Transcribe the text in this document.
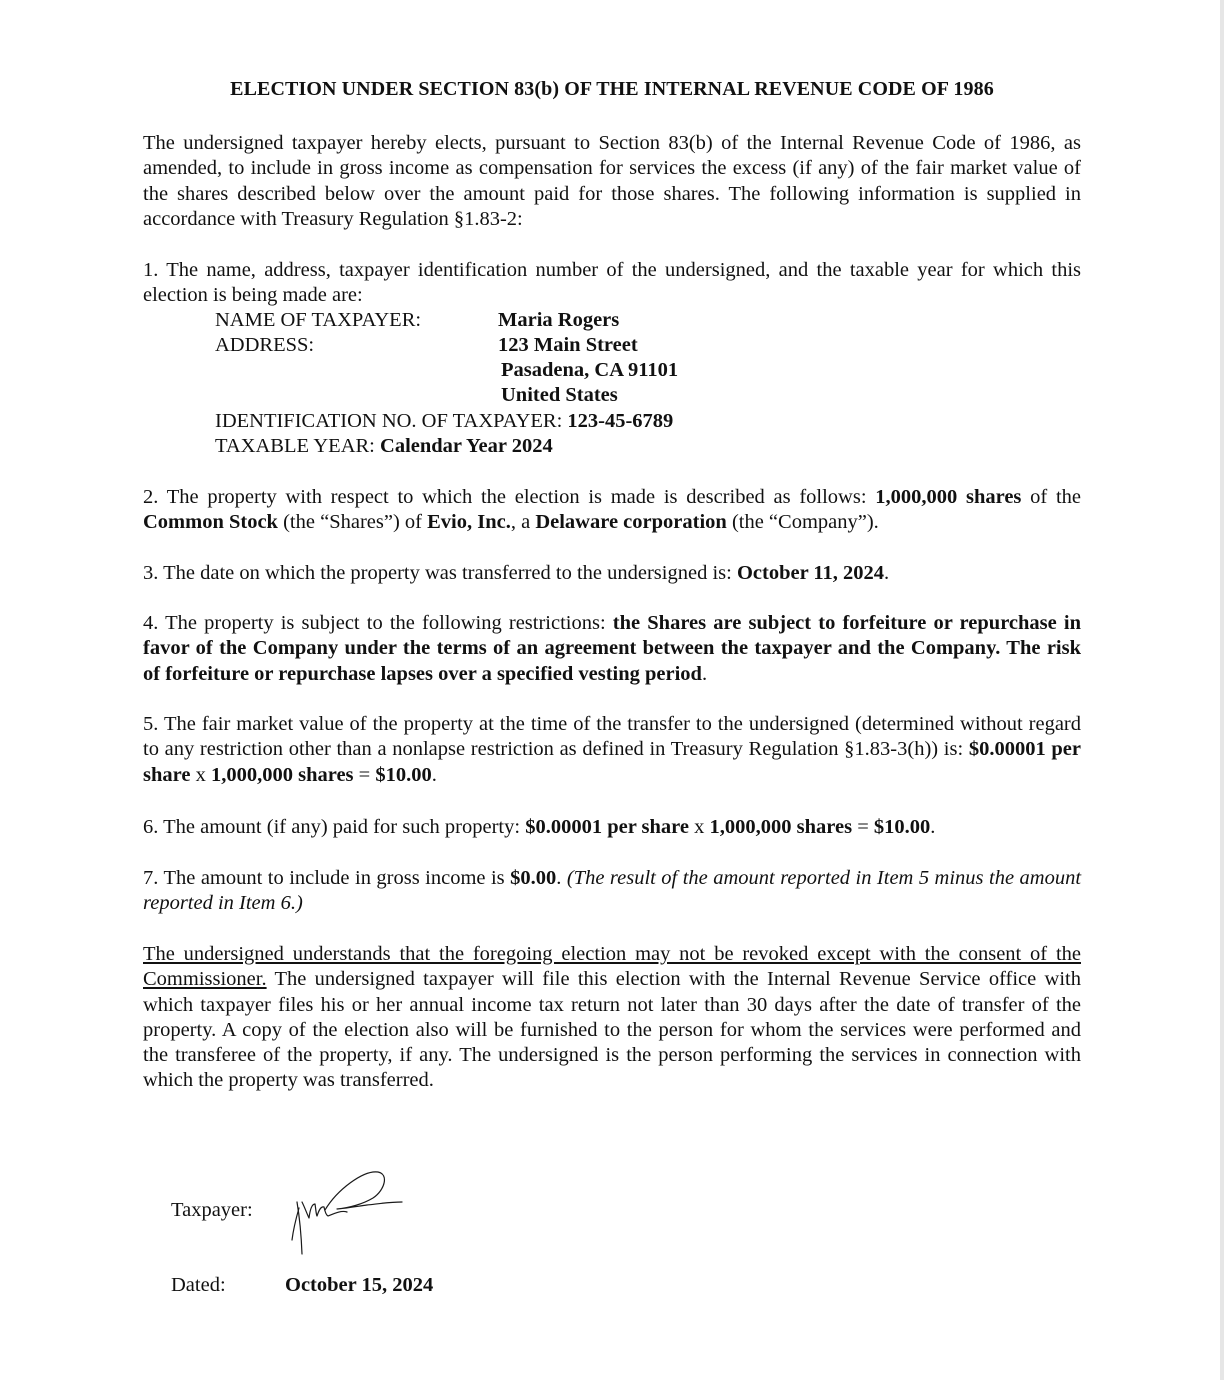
ELECTION UNDER SECTION 83(b) OF THE INTERNAL REVENUE CODE OF 1986
The undersigned taxpayer hereby elects, pursuant to Section 83(b) of the Internal Revenue Code of 1986, as amended, to include in gross income as compensation for services the excess (if any) of the fair market value of the shares described below over the amount paid for those shares. The following information is supplied in accordance with Treasury Regulation §1.83-2:
1. The name, address, taxpayer identification number of the undersigned, and the taxable year for which this election is being made are:
NAME OF TAXPAYER:	Maria Rogers
ADDRESS:	123 Main Street
Pasadena, CA 91101
United States
IDENTIFICATION NO. OF TAXPAYER: 123-45-6789
TAXABLE YEAR: Calendar Year 2024
2. The property with respect to which the election is made is described as follows: 1,000,000 shares of the Common Stock (the “Shares”) of Evio, Inc., a Delaware corporation (the “Company”).
3. The date on which the property was transferred to the undersigned is: October 11, 2024.
4. The property is subject to the following restrictions: the Shares are subject to forfeiture or repurchase in favor of the Company under the terms of an agreement between the taxpayer and the Company. The risk of forfeiture or repurchase lapses over a specified vesting period.
5. The fair market value of the property at the time of the transfer to the undersigned (determined without regard to any restriction other than a nonlapse restriction as defined in Treasury Regulation §1.83-3(h)) is: $0.00001 per share x 1,000,000 shares = $10.00.
6. The amount (if any) paid for such property: $0.00001 per share x 1,000,000 shares = $10.00.
7. The amount to include in gross income is $0.00. (The result of the amount reported in Item 5 minus the amount reported in Item 6.)
The undersigned understands that the foregoing election may not be revoked except with the consent of the Commissioner. The undersigned taxpayer will file this election with the Internal Revenue Service office with which taxpayer files his or her annual income tax return not later than 30 days after the date of transfer of the property. A copy of the election also will be furnished to the person for whom the services were performed and the transferee of the property, if any. The undersigned is the person performing the services in connection with which the property was transferred.
Taxpayer:
Dated:	October 15, 2024
